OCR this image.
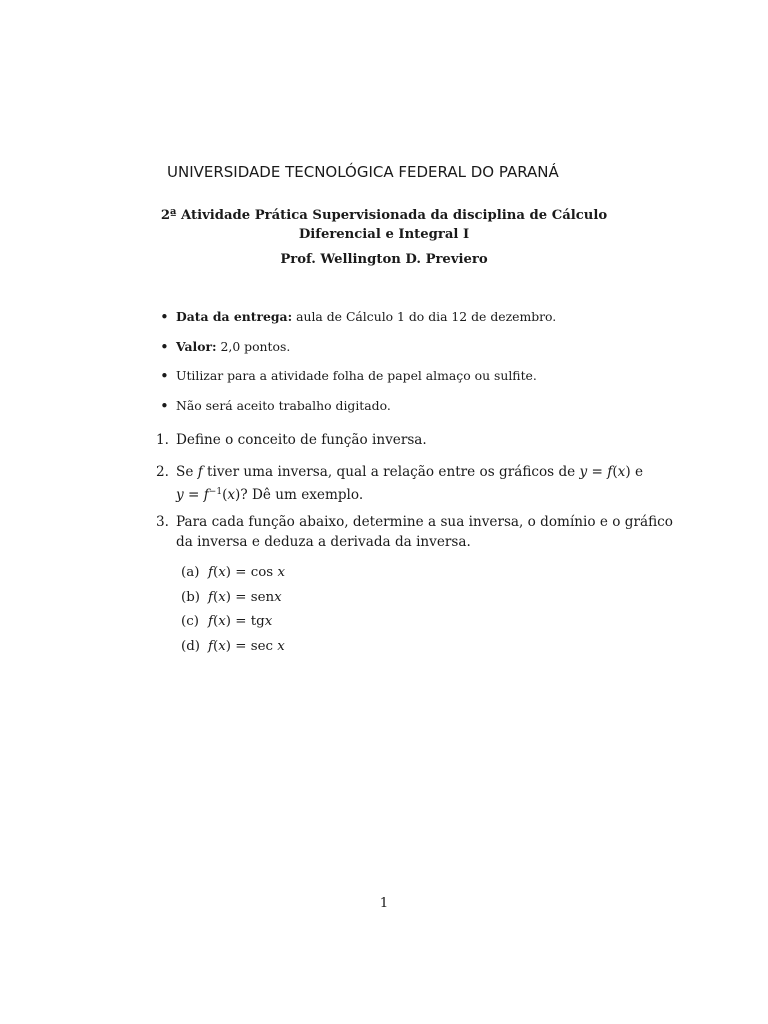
UNIVERSIDADE TECNOLÓGICA FEDERAL DO PARANÁ
2ª Atividade Prática Supervisionada da disciplina de Cálculo
Diferencial e Integral I
Prof. Wellington D. Previero
• Data da entrega: aula de Cálculo 1 do dia 12 de dezembro.
• Valor: 2,0 pontos.
• Utilizar para a atividade folha de papel almaço ou sulfite.
• Não será aceito trabalho digitado.
1. Define o conceito de função inversa.
2. Se f tiver uma inversa, qual a relação entre os gráficos de y = f(x) e
$y = f^{-1}(x)$? Dê um exemplo.
3. Para cada função abaixo, determine a sua inversa, o domínio e o gráfico
da inversa e deduza a derivada da inversa.
(a) f(x) = cos x
(b) f(x) = senx
(c) f(x) = tgx
(d) f(x) = sec x
1
